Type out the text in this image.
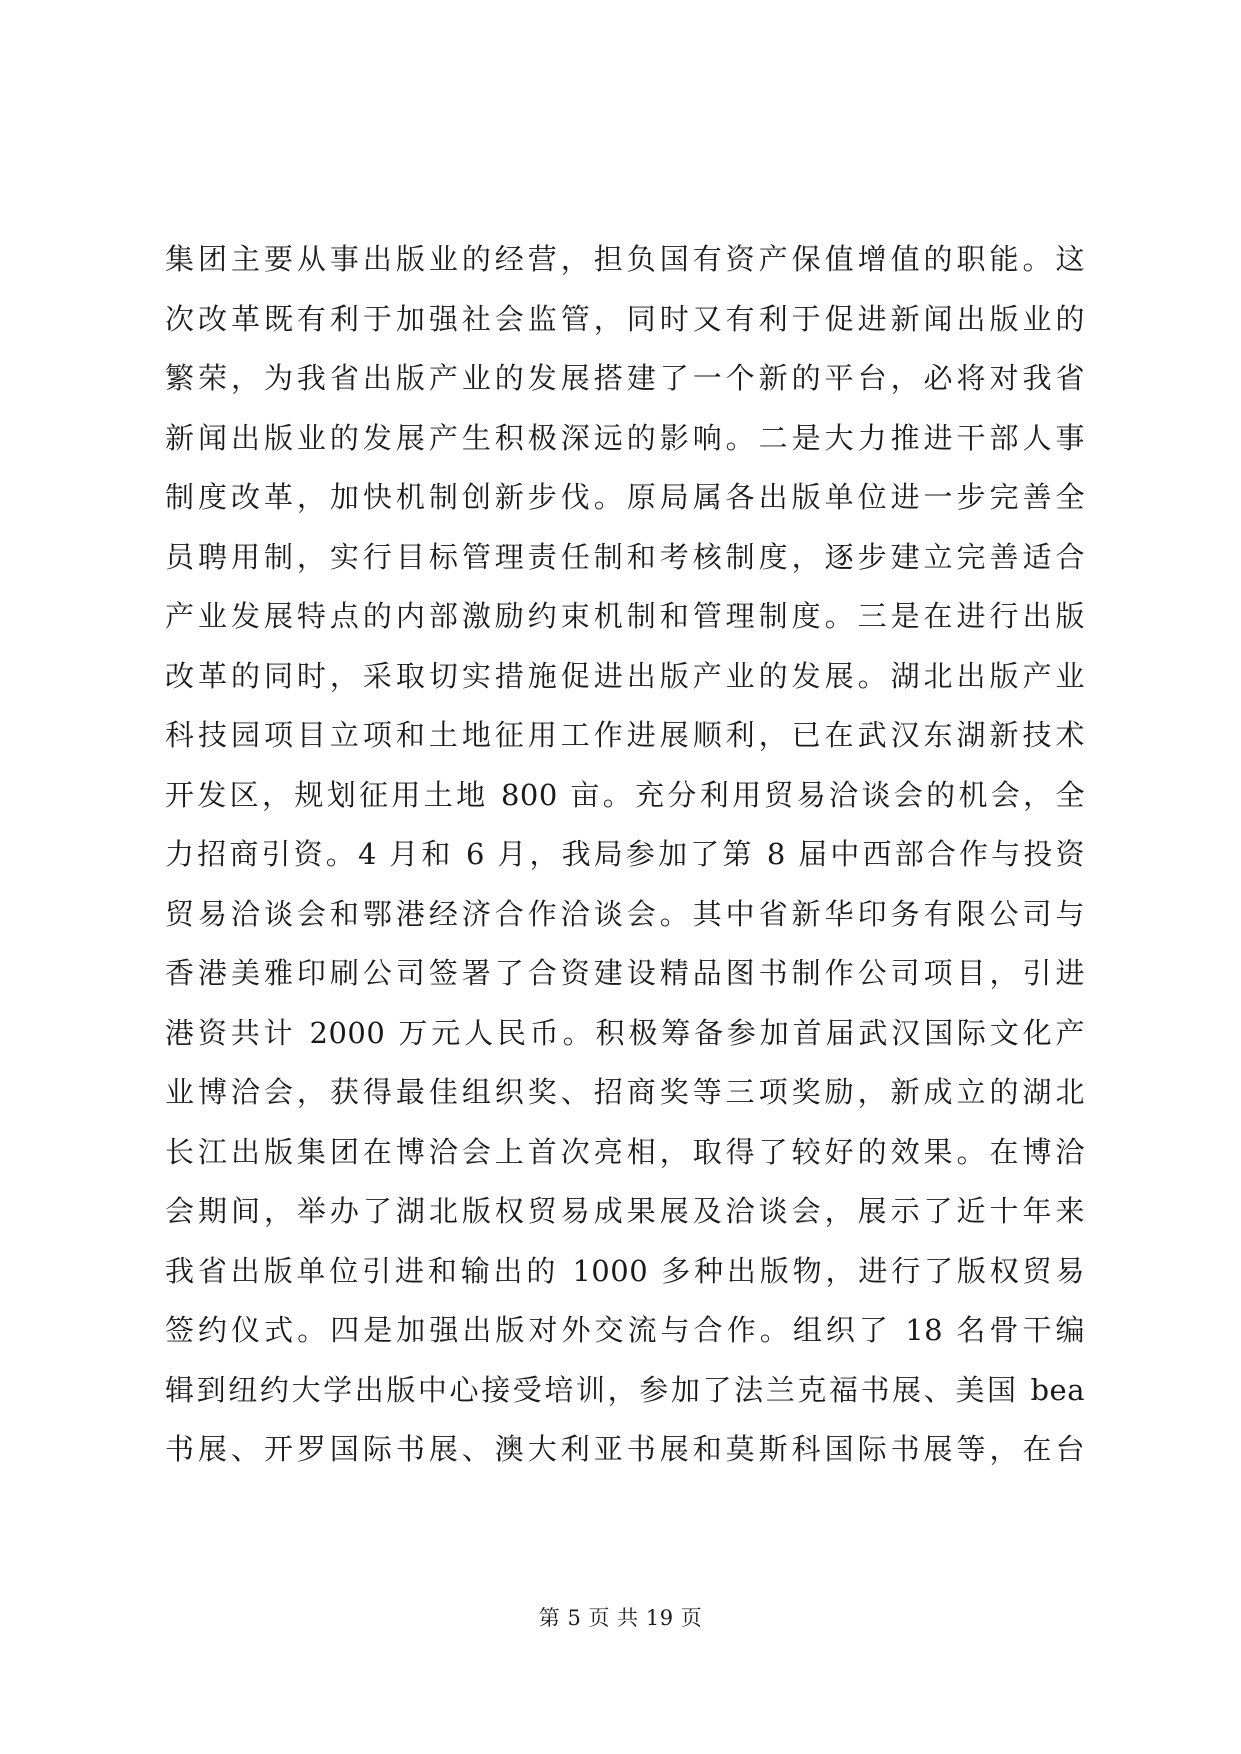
集团主要从事出版业的经营，担负国有资产保值增值的职能。这
次改革既有利于加强社会监管，同时又有利于促进新闻出版业的
繁荣，为我省出版产业的发展搭建了一个新的平台，必将对我省
新闻出版业的发展产生积极深远的影响。二是大力推进干部人事
制度改革，加快机制创新步伐。原局属各出版单位进一步完善全
员聘用制，实行目标管理责任制和考核制度，逐步建立完善适合
产业发展特点的内部激励约束机制和管理制度。三是在进行出版
改革的同时，采取切实措施促进出版产业的发展。湖北出版产业
科技园项目立项和土地征用工作进展顺利，已在武汉东湖新技术
开发区，规划征用土地 800 亩。充分利用贸易洽谈会的机会，全
力招商引资。4 月和 6 月，我局参加了第 8 届中西部合作与投资
贸易洽谈会和鄂港经济合作洽谈会。其中省新华印务有限公司与
香港美雅印刷公司签署了合资建设精品图书制作公司项目，引进
港资共计 2000 万元人民币。积极筹备参加首届武汉国际文化产
业博洽会，获得最佳组织奖、招商奖等三项奖励，新成立的湖北
长江出版集团在博洽会上首次亮相，取得了较好的效果。在博洽
会期间，举办了湖北版权贸易成果展及洽谈会，展示了近十年来
我省出版单位引进和输出的 1000 多种出版物，进行了版权贸易
签约仪式。四是加强出版对外交流与合作。组织了 18 名骨干编
辑到纽约大学出版中心接受培训，参加了法兰克福书展、美国 bea
书展、开罗国际书展、澳大利亚书展和莫斯科国际书展等，在台
第 5 页 共 19 页
